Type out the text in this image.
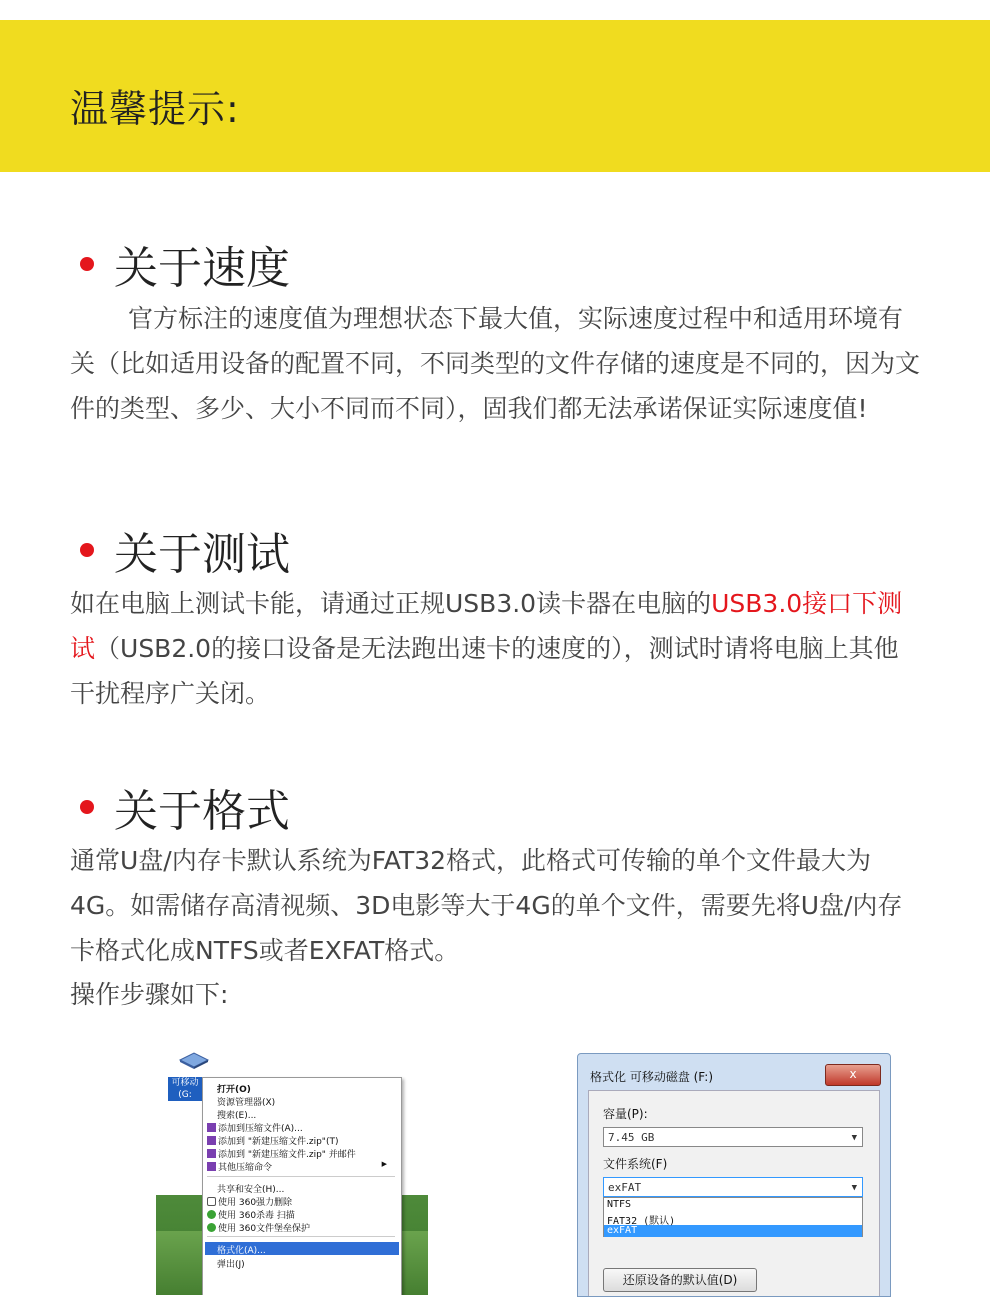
温馨提示:
关于速度
官方标注的速度值为理想状态下最大值，实际速度过程中和适用环境有关（比如适用设备的配置不同，不同类型的文件存储的速度是不同的，因为文件的类型、多少、大小不同而不同），固我们都无法承诺保证实际速度值!
关于测试
如在电脑上测试卡能，请通过正规USB3.0读卡器在电脑的USB3.0接口下测试（USB2.0的接口设备是无法跑出速卡的速度的），测试时请将电脑上其他干扰程序广关闭。
关于格式
通常U盘/内存卡默认系统为FAT32格式，此格式可传输的单个文件最大为4G。如需储存高清视频、3D电影等大于4G的单个文件，需要先将U盘/内存卡格式化成NTFS或者EXFAT格式。
操作步骤如下:
可移动 (G:	打开(O)
资源管理器(X)
搜索(E)...
添加到压缩文件(A)...
添加到 "新建压缩文件.zip"(T)
添加到 "新建压缩文件.zip" 并邮件
其他压缩命令	▶
共享和安全(H)...
使用 360强力删除
使用 360杀毒 扫描
使用 360文件堡垒保护
格式化(A)...
弹出(J)
格式化 可移动磁盘 (F:)	x
容量(P):
7.45 GB	▼
文件系统(F)
exFAT	▼
NTFS
FAT32 (默认)
exFAT
还原设备的默认值(D)
